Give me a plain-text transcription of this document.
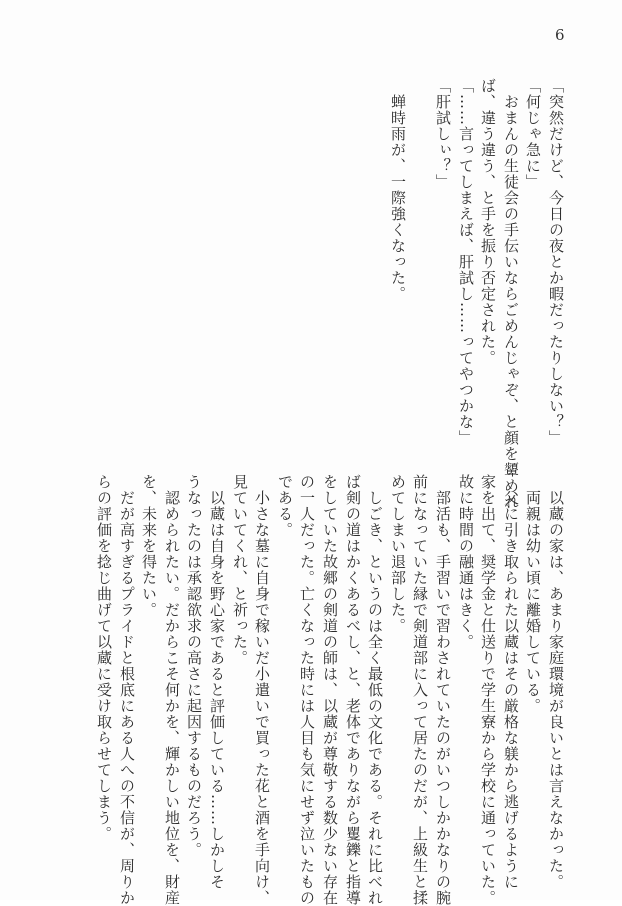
6

「突然だけど、今日の夜とか暇だったりしない？」

「何じゃ急に」

　おまんの生徒会の手伝いならごめんじゃぞ、と顔を顰めれ

ば、違う違う、と手を振り否定された。

「……言ってしまえば、肝試し……ってやつかな」

「肝試しぃ？」

　蝉時雨が、一際強くなった。

　以蔵の家は、あまり家庭環境が良いとは言えなかった。

　両親は幼い頃に離婚している。

　父に引き取られた以蔵はその厳格な躾から逃げるように

家を出て、奨学金と仕送りで学生寮から学校に通っていた。

故に時間の融通はきく。

　部活も、手習いで習わされていたのがいつしかかなりの腕

前になっていた縁で剣道部に入って居たのだが、上級生と揉

めてしまい退部した。

　しごき、というのは全く最低の文化である。それに比べれ

ば剣の道はかくあるべし、と、老体でありながら矍鑠と指導

をしていた故郷の剣道の師は、以蔵が尊敬する数少ない存在

の一人だった。亡くなった時には人目も気にせず泣いたもの

である。

　小さな墓に自身で稼いだ小遣いで買った花と酒を手向け、

見ていてくれ、と祈った。

　以蔵は自身を野心家であると評価している……しかしそ

うなったのは承認欲求の高さに起因するものだろう。

　認められたい。だからこそ何かを、輝かしい地位を、財産

を、未来を得たい。

　だが高すぎるプライドと根底にある人への不信が、周りか

らの評価を捻じ曲げて以蔵に受け取らせてしまう。
